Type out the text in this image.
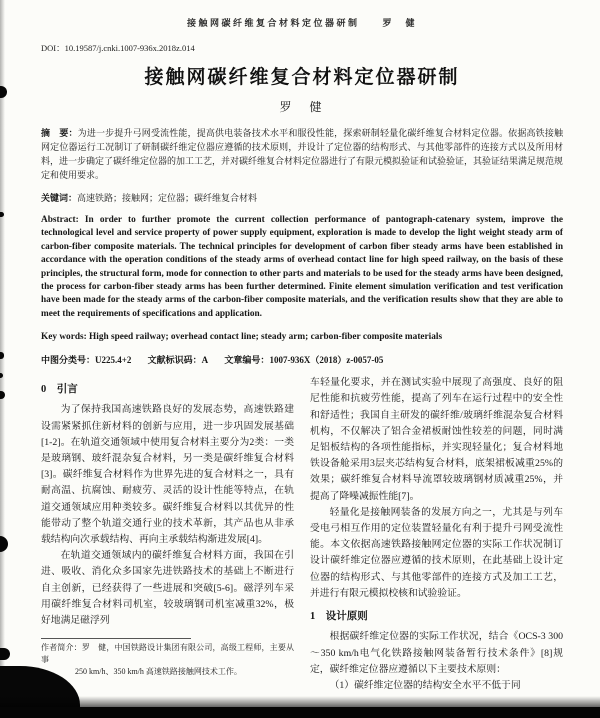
接触网碳纤维复合材料定位器研制　　罗　健
DOI：10.19587/j.cnki.1007-936x.2018z.014
接触网碳纤维复合材料定位器研制
罗　健

摘　要：为进一步提升弓网受流性能，提高供电装备技术水平和服役性能，探索研制轻量化碳纤维复合材料定位器。依据高铁接触网定位器运行工况制订了研制碳纤维定位器应遵循的技术原则，并设计了定位器的结构形式、与其他零部件的连接方式以及所用材料，进一步确定了碳纤维定位器的加工工艺，并对碳纤维复合材料定位器进行了有限元模拟验证和试验验证，其验证结果满足规范规定和使用要求。

关键词：高速铁路；接触网；定位器；碳纤维复合材料

Abstract: In order to further promote the current collection performance of pantograph-catenary system, improve the technological level and service property of power supply equipment, exploration is made to develop the light weight steady arm of carbon-fiber composite materials. The technical principles for development of carbon fiber steady arms have been established in accordance with the operation conditions of the steady arms of overhead contact line for high speed railway, on the basis of these principles, the structural form, mode for connection to other parts and materials to be used for the steady arms have been designed, the process for carbon-fiber steady arms has been further determined. Finite element simulation verification and test verification have been made for the steady arms of the carbon-fiber composite materials, and the verification results show that they are able to meet the requirements of specifications and application.

Key words: High speed railway; overhead contact line; steady arm; carbon-fiber composite materials

中图分类号：U225.4+2 文献标识码：A 文章编号：1007-936X（2018）z-0057-05
0　引言

为了保持我国高速铁路良好的发展态势，高速铁路建设需紧紧抓住新材料的创新与应用，进一步巩固发展基础[1-2]。在轨道交通领域中使用复合材料主要分为2类：一类是玻璃钢、玻纤混杂复合材料，另一类是碳纤维复合材料[3]。碳纤维复合材料作为世界先进的复合材料之一，具有耐高温、抗腐蚀、耐疲劳、灵活的设计性能等特点，在轨道交通领域应用种类较多。碳纤维复合材料以其优异的性能带动了整个轨道交通行业的技术革新，其产品也从非承载结构向次承载结构、再向主承载结构渐进发展[4]。

在轨道交通领域内的碳纤维复合材料方面，我国在引进、吸收、消化众多国家先进铁路技术的基础上不断进行自主创新，已经获得了一些进展和突破[5-6]。磁浮列车采用碳纤维复合材料司机室，较玻璃钢司机室减重32%，极好地满足磁浮列

作者简介：罗　健，中国铁路设计集团有限公司，高级工程师，主要从事
250 km/h、350 km/h 高速铁路接触网技术工作。

车轻量化要求，并在测试实验中展现了高强度、良好的阻尼性能和抗疲劳性能，提高了列车在运行过程中的安全性和舒适性；我国自主研发的碳纤维/玻璃纤维混杂复合材料机构，不仅解决了铝合金裙板耐蚀性较差的问题，同时满足铝板结构的各项性能指标，并实现轻量化；复合材料地铁设备舱采用3层夹芯结构复合材料，底架裙板减重25%的效果；碳纤维复合材料导流罩较玻璃钢材质减重25%，并提高了降噪减振性能[7]。

轻量化是接触网装备的发展方向之一，尤其是与列车受电弓相互作用的定位装置轻量化有利于提升弓网受流性能。本文依据高速铁路接触网定位器的实际工作状况制订设计碳纤维定位器应遵循的技术原则，在此基础上设计定位器的结构形式、与其他零部件的连接方式及加工工艺，并进行有限元模拟校核和试验验证。

1　设计原则

根据碳纤维定位器的实际工作状况，结合《OCS-3 300～350 km/h电气化铁路接触网装备暂行技术条件》[8]规定，碳纤维定位器应遵循以下主要技术原则：

（1）碳纤维定位器的结构安全水平不低于同
